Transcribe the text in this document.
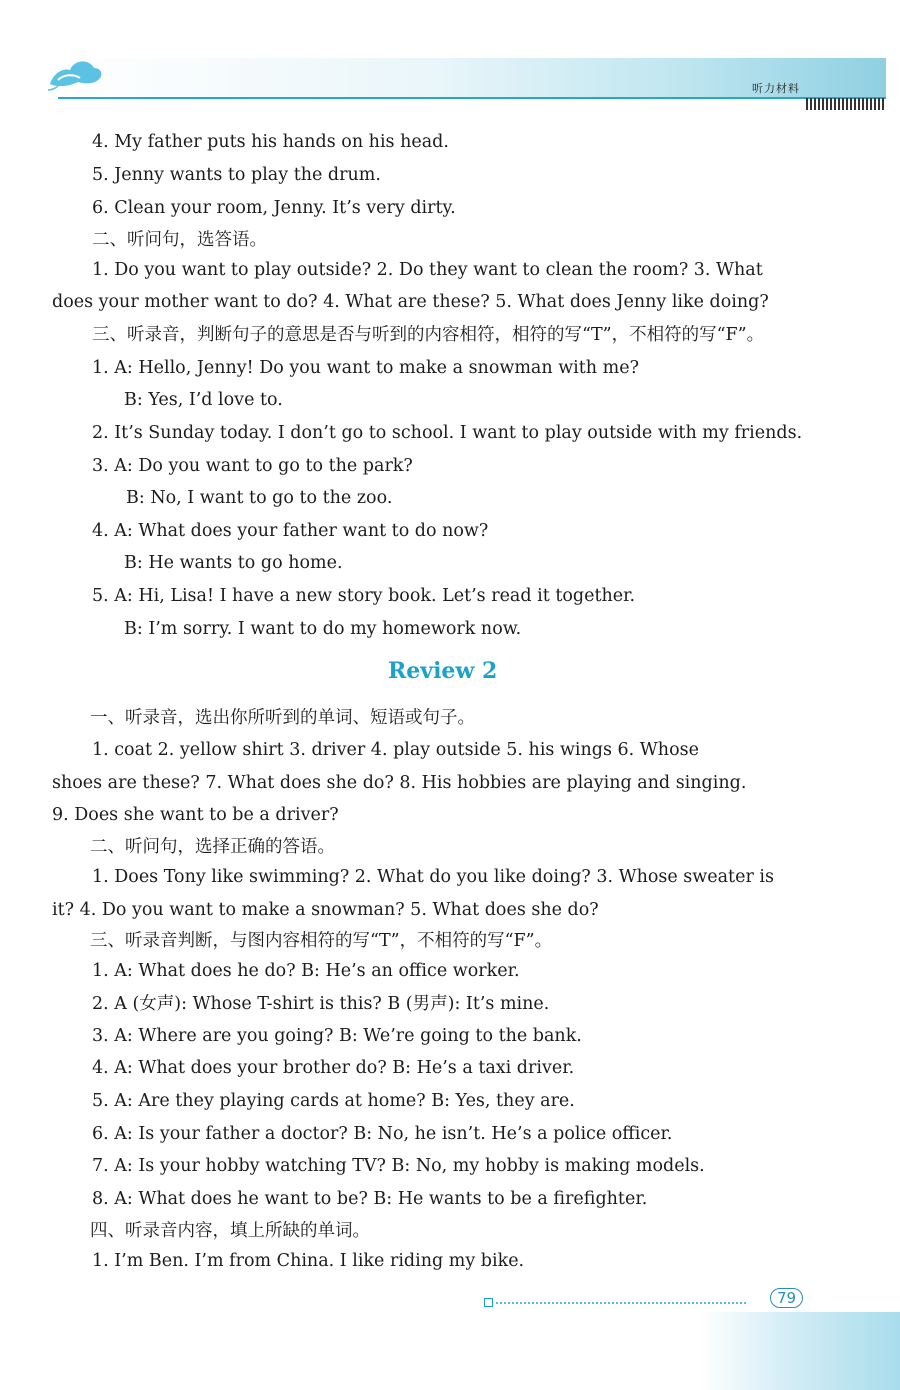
听力材料
4. My father puts his hands on his head.
5. Jenny wants to play the drum.
6. Clean your room, Jenny. It’s very dirty.
二、听问句，选答语。
1. Do you want to play outside? 2. Do they want to clean the room? 3. What
does your mother want to do? 4. What are these? 5. What does Jenny like doing?
三、听录音，判断句子的意思是否与听到的内容相符，相符的写“T”，不相符的写“F”。
1. A: Hello, Jenny! Do you want to make a snowman with me?
B: Yes, I’d love to.
2. It’s Sunday today. I don’t go to school. I want to play outside with my friends.
3. A: Do you want to go to the park?
B: No, I want to go to the zoo.
4. A: What does your father want to do now?
B: He wants to go home.
5. A: Hi, Lisa! I have a new story book. Let’s read it together.
B: I’m sorry. I want to do my homework now.
Review 2
一、听录音，选出你所听到的单词、短语或句子。
1. coat 2. yellow shirt 3. driver 4. play outside 5. his wings 6. Whose
shoes are these? 7. What does she do? 8. His hobbies are playing and singing.
9. Does she want to be a driver?
二、听问句，选择正确的答语。
1. Does Tony like swimming? 2. What do you like doing? 3. Whose sweater is
it? 4. Do you want to make a snowman? 5. What does she do?
三、听录音判断，与图内容相符的写“T”，不相符的写“F”。
1. A: What does he do? B: He’s an office worker.
2. A (女声): Whose T-shirt is this? B (男声): It’s mine.
3. A: Where are you going? B: We’re going to the bank.
4. A: What does your brother do? B: He’s a taxi driver.
5. A: Are they playing cards at home? B: Yes, they are.
6. A: Is your father a doctor? B: No, he isn’t. He’s a police officer.
7. A: Is your hobby watching TV? B: No, my hobby is making models.
8. A: What does he want to be? B: He wants to be a firefighter.
四、听录音内容，填上所缺的单词。
1. I’m Ben. I’m from China. I like riding my bike.
79
